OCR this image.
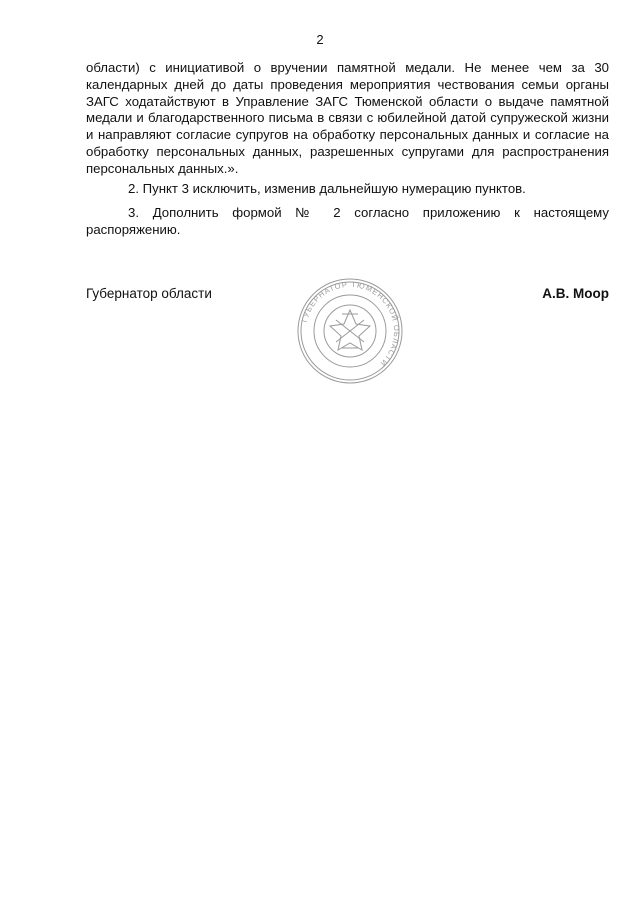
2

области) с инициативой о вручении памятной медали. Не менее чем за 30 календарных дней до даты проведения мероприятия чествования семьи органы ЗАГС ходатайствуют в Управление ЗАГС Тюменской области о выдаче памятной медали и благодарственного письма в связи с юбилейной датой супружеской жизни и направляют согласие супругов на обработку персональных данных и согласие на обработку персональных данных, разрешенных супругами для распространения персональных данных.».

2. Пункт 3 исключить, изменив дальнейшую нумерацию пунктов.

3. Дополнить формой № 2 согласно приложению к настоящему распоряжению.

Губернатор области	А.В. Моор
ГУБЕРНАТОР ТЮМЕНСКОЙ ОБЛАСТИ
